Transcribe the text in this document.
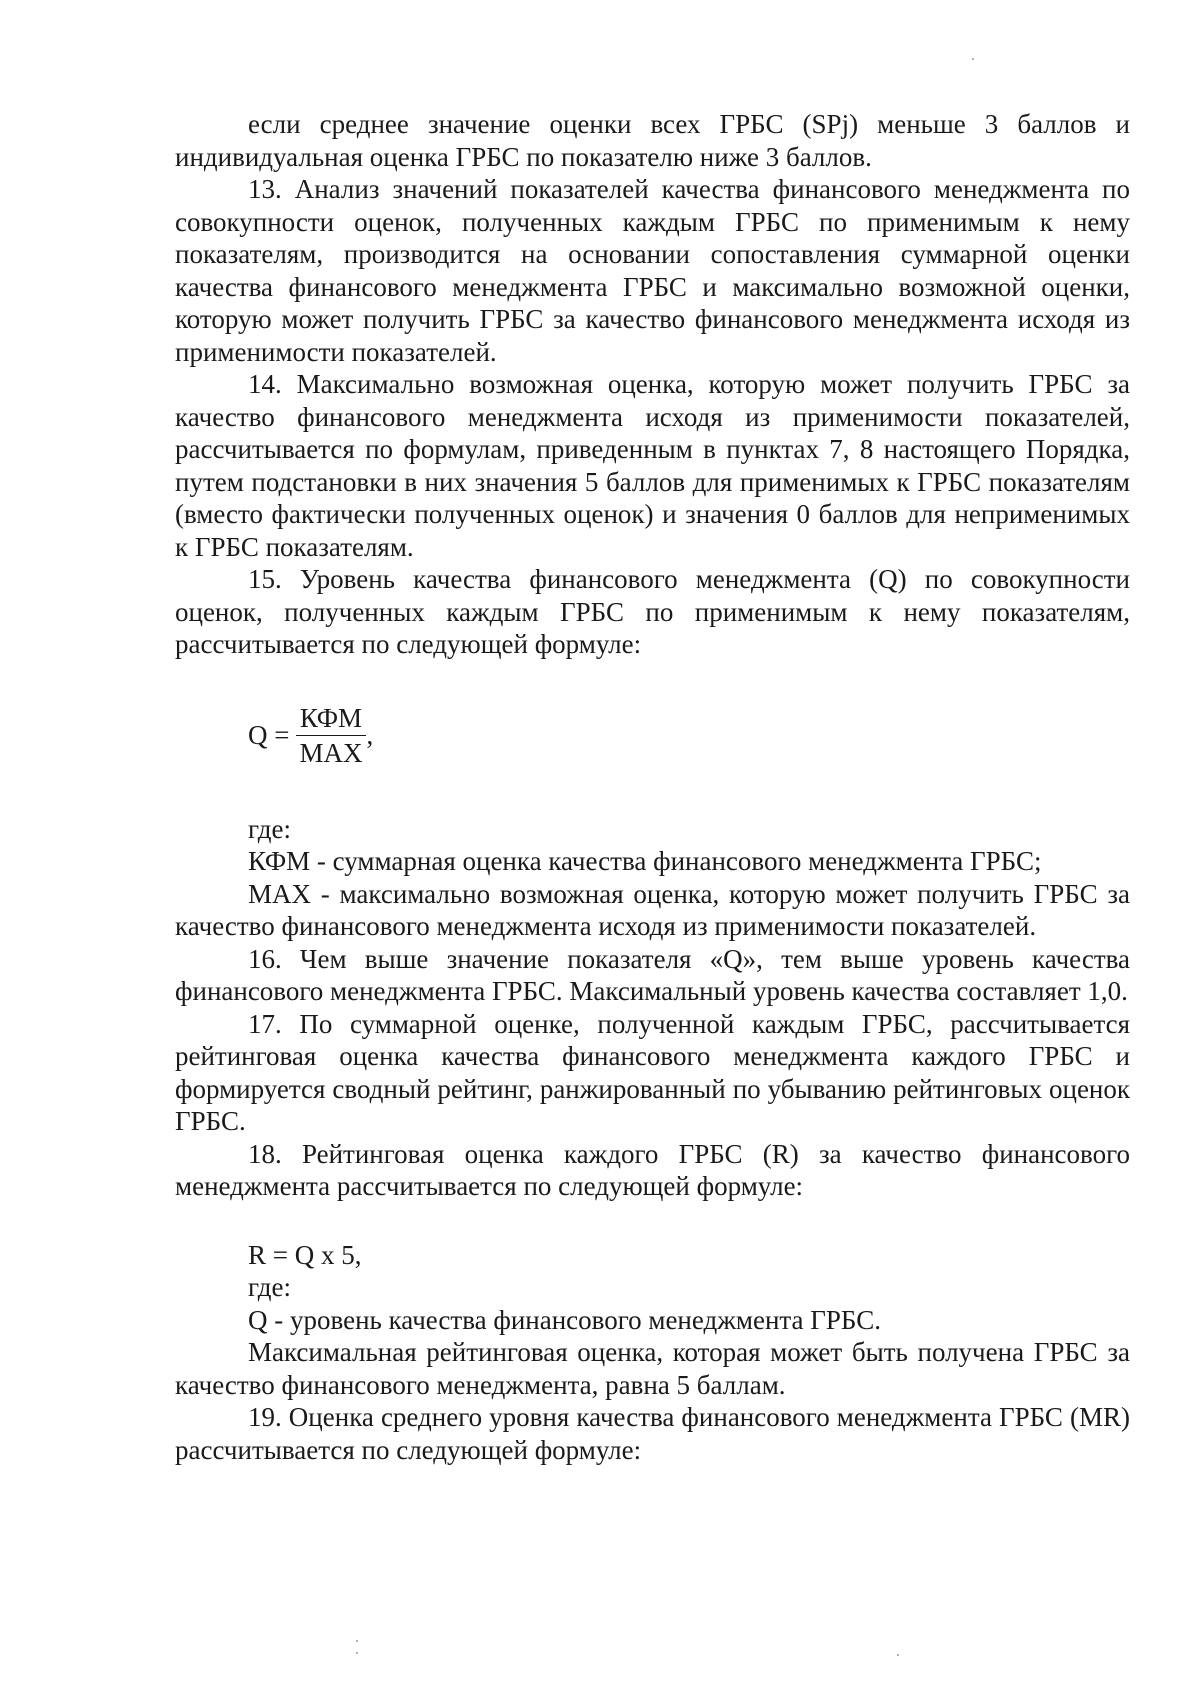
если среднее значение оценки всех ГРБС (SPj) меньше 3 баллов и индивидуальная оценка ГРБС по показателю ниже 3 баллов.

13. Анализ значений показателей качества финансового менеджмента по совокупности оценок, полученных каждым ГРБС по применимым к нему показателям, производится на основании сопоставления суммарной оценки качества финансового менеджмента ГРБС и максимально возможной оценки, которую может получить ГРБС за качество финансового менеджмента исходя из применимости показателей.

14. Максимально возможная оценка, которую может получить ГРБС за качество финансового менеджмента исходя из применимости показателей, рассчитывается по формулам, приведенным в пунктах 7, 8 настоящего Порядка, путем подстановки в них значения 5 баллов для применимых к ГРБС показателям (вместо фактически полученных оценок) и значения 0 баллов для неприменимых к ГРБС показателям.

15. Уровень качества финансового менеджмента (Q) по совокупности оценок, полученных каждым ГРБС по применимым к нему показателям, рассчитывается по следующей формуле:

$Q = \frac{\text{КФМ}}{\text{MAX}}$ ,

где:

КФМ - суммарная оценка качества финансового менеджмента ГРБС;

MAX - максимально возможная оценка, которую может получить ГРБС за качество финансового менеджмента исходя из применимости показателей.

16. Чем выше значение показателя «Q», тем выше уровень качества финансового менеджмента ГРБС. Максимальный уровень качества составляет 1,0.

17. По суммарной оценке, полученной каждым ГРБС, рассчитывается рейтинговая оценка качества финансового менеджмента каждого ГРБС и формируется сводный рейтинг, ранжированный по убыванию рейтинговых оценок ГРБС.

18. Рейтинговая оценка каждого ГРБС (R) за качество финансового менеджмента рассчитывается по следующей формуле:

R = Q x 5,

где:

Q - уровень качества финансового менеджмента ГРБС.

Максимальная рейтинговая оценка, которая может быть получена ГРБС за качество финансового менеджмента, равна 5 баллам.

19. Оценка среднего уровня качества финансового менеджмента ГРБС (MR) рассчитывается по следующей формуле:
